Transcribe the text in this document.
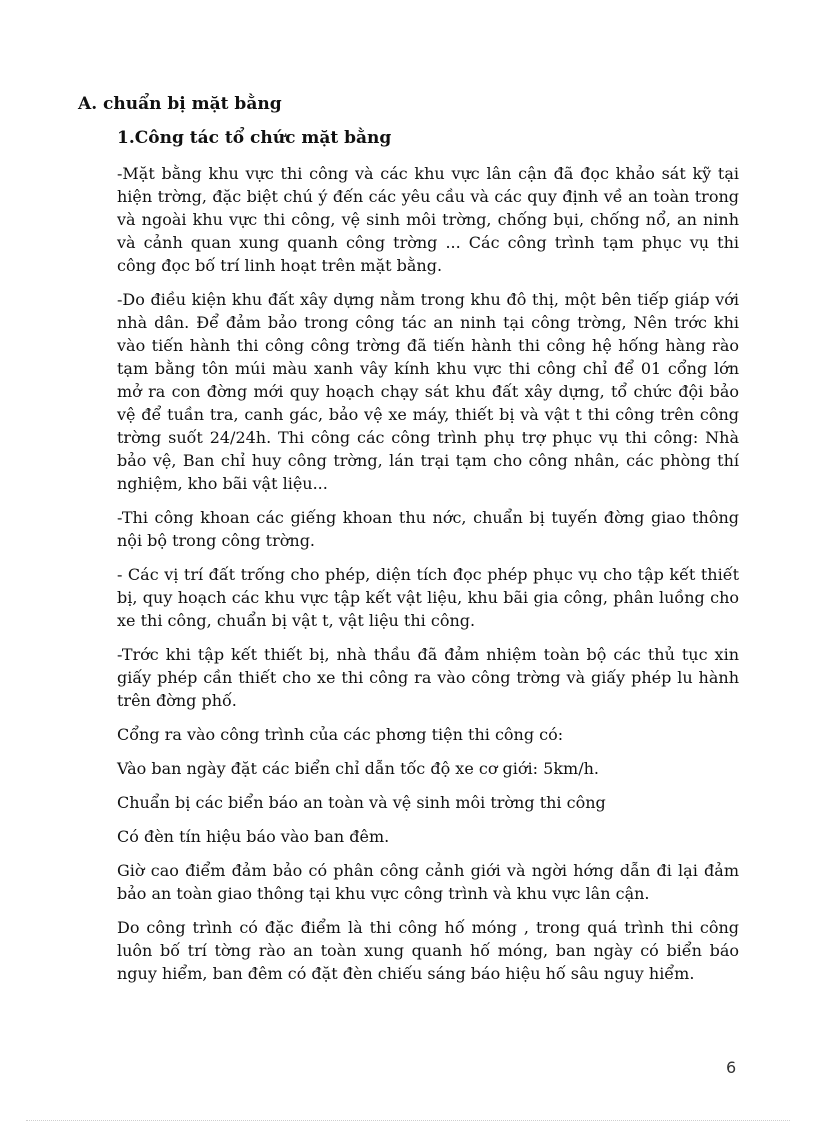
A. chuẩn bị mặt bằng
1.Công tác tổ chức mặt bằng

-Mặt bằng khu vực thi công và các khu vực lân cận đã đọc khảo sát kỹ tại hiện trờng, đặc biệt chú ý đến các yêu cầu và các quy định về an toàn trong và ngoài khu vực thi công, vệ sinh môi trờng, chống bụi, chống nổ, an ninh và cảnh quan xung quanh công trờng ... Các công trình tạm phục vụ thi công đọc bố trí linh hoạt trên mặt bằng.

-Do điều kiện khu đất xây dựng nằm trong khu đô thị, một bên tiếp giáp với nhà dân. Để đảm bảo trong công tác an ninh tại công trờng, Nên trớc khi vào tiến hành thi công công trờng đã tiến hành thi công hệ hống hàng rào tạm bằng tôn múi màu xanh vây kính khu vực thi công chỉ để 01 cổng lớn mở ra con đờng mới quy hoạch chạy sát khu đất xây dựng, tổ chức đội bảo vệ để tuần tra, canh gác, bảo vệ xe máy, thiết bị và vật t thi công trên công trờng suốt 24/24h. Thi công các công trình phụ trợ phục vụ thi công: Nhà bảo vệ, Ban chỉ huy công trờng, lán trại tạm cho công nhân, các phòng thí nghiệm, kho bãi vật liệu...

-Thi công khoan các giếng khoan thu nớc, chuẩn bị tuyến đờng giao thông nội bộ trong công trờng.

- Các vị trí đất trống cho phép, diện tích đọc phép phục vụ cho tập kết thiết bị, quy hoạch các khu vực tập kết vật liệu, khu bãi gia công, phân luồng cho xe thi công, chuẩn bị vật t, vật liệu thi công.

-Trớc khi tập kết thiết bị, nhà thầu đã đảm nhiệm toàn bộ các thủ tục xin giấy phép cần thiết cho xe thi công ra vào công trờng và giấy phép lu hành trên đờng phố.

Cổng ra vào công trình của các phơng tiện thi công có:

Vào ban ngày đặt các biển chỉ dẫn tốc độ xe cơ giới: 5km/h.

Chuẩn bị các biển báo an toàn và vệ sinh môi trờng thi công

Có đèn tín hiệu báo vào ban đêm.

Giờ cao điểm đảm bảo có phân công cảnh giới và ngời hớng dẫn đi lại đảm bảo an toàn giao thông tại khu vực công trình và khu vực lân cận.

Do công trình có đặc điểm là thi công hố móng , trong quá trình thi công luôn bố trí tờng rào an toàn xung quanh hố móng, ban ngày có biển báo nguy hiểm, ban đêm có đặt đèn chiếu sáng báo hiệu hố sâu nguy hiểm.

6
